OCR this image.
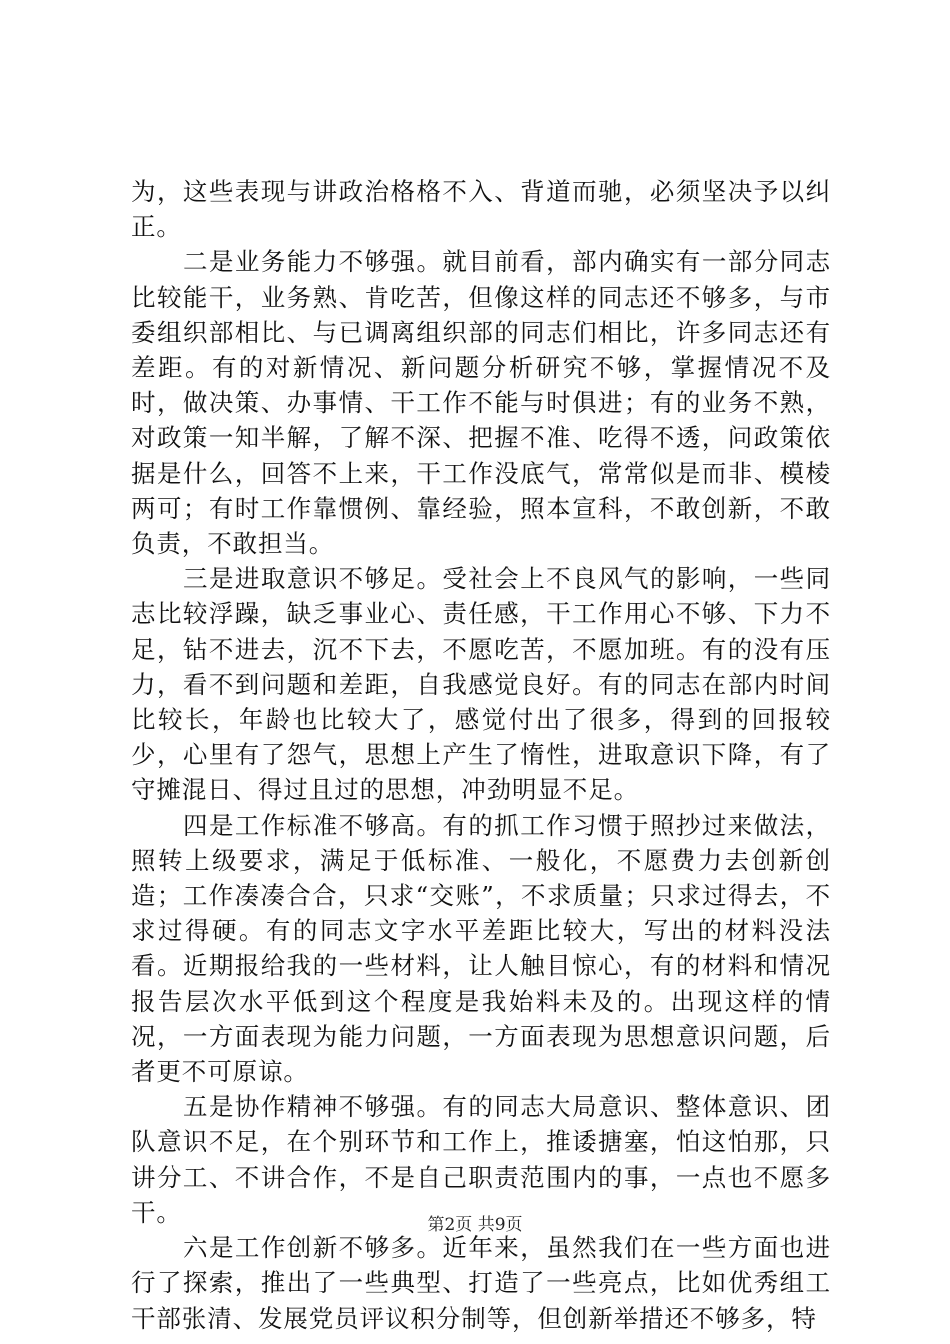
为，这些表现与讲政治格格不入、背道而驰，必须坚决予以纠正。

二是业务能力不够强。就目前看，部内确实有一部分同志比较能干，业务熟、肯吃苦，但像这样的同志还不够多，与市委组织部相比、与已调离组织部的同志们相比，许多同志还有差距。有的对新情况、新问题分析研究不够，掌握情况不及时，做决策、办事情、干工作不能与时俱进；有的业务不熟，对政策一知半解，了解不深、把握不准、吃得不透，问政策依据是什么，回答不上来，干工作没底气，常常似是而非、模棱两可；有时工作靠惯例、靠经验，照本宣科，不敢创新，不敢负责，不敢担当。

三是进取意识不够足。受社会上不良风气的影响，一些同志比较浮躁，缺乏事业心、责任感，干工作用心不够、下力不足，钻不进去，沉不下去，不愿吃苦，不愿加班。有的没有压力，看不到问题和差距，自我感觉良好。有的同志在部内时间比较长，年龄也比较大了，感觉付出了很多，得到的回报较少，心里有了怨气，思想上产生了惰性，进取意识下降，有了守摊混日、得过且过的思想，冲劲明显不足。

四是工作标准不够高。有的抓工作习惯于照抄过来做法，照转上级要求，满足于低标准、一般化，不愿费力去创新创造；工作凑凑合合，只求“交账”，不求质量；只求过得去，不求过得硬。有的同志文字水平差距比较大，写出的材料没法看。近期报给我的一些材料，让人触目惊心，有的材料和情况报告层次水平低到这个程度是我始料未及的。出现这样的情况，一方面表现为能力问题，一方面表现为思想意识问题，后者更不可原谅。

五是协作精神不够强。有的同志大局意识、整体意识、团队意识不足，在个别环节和工作上，推诿搪塞，怕这怕那，只讲分工、不讲合作，不是自己职责范围内的事，一点也不愿多干。

六是工作创新不够多。近年来，虽然我们在一些方面也进行了探索，推出了一些典型、打造了一些亮点，比如优秀组工干部张清、发展党员评议积分制等，但创新举措还不够多，特

第2页 共9页
